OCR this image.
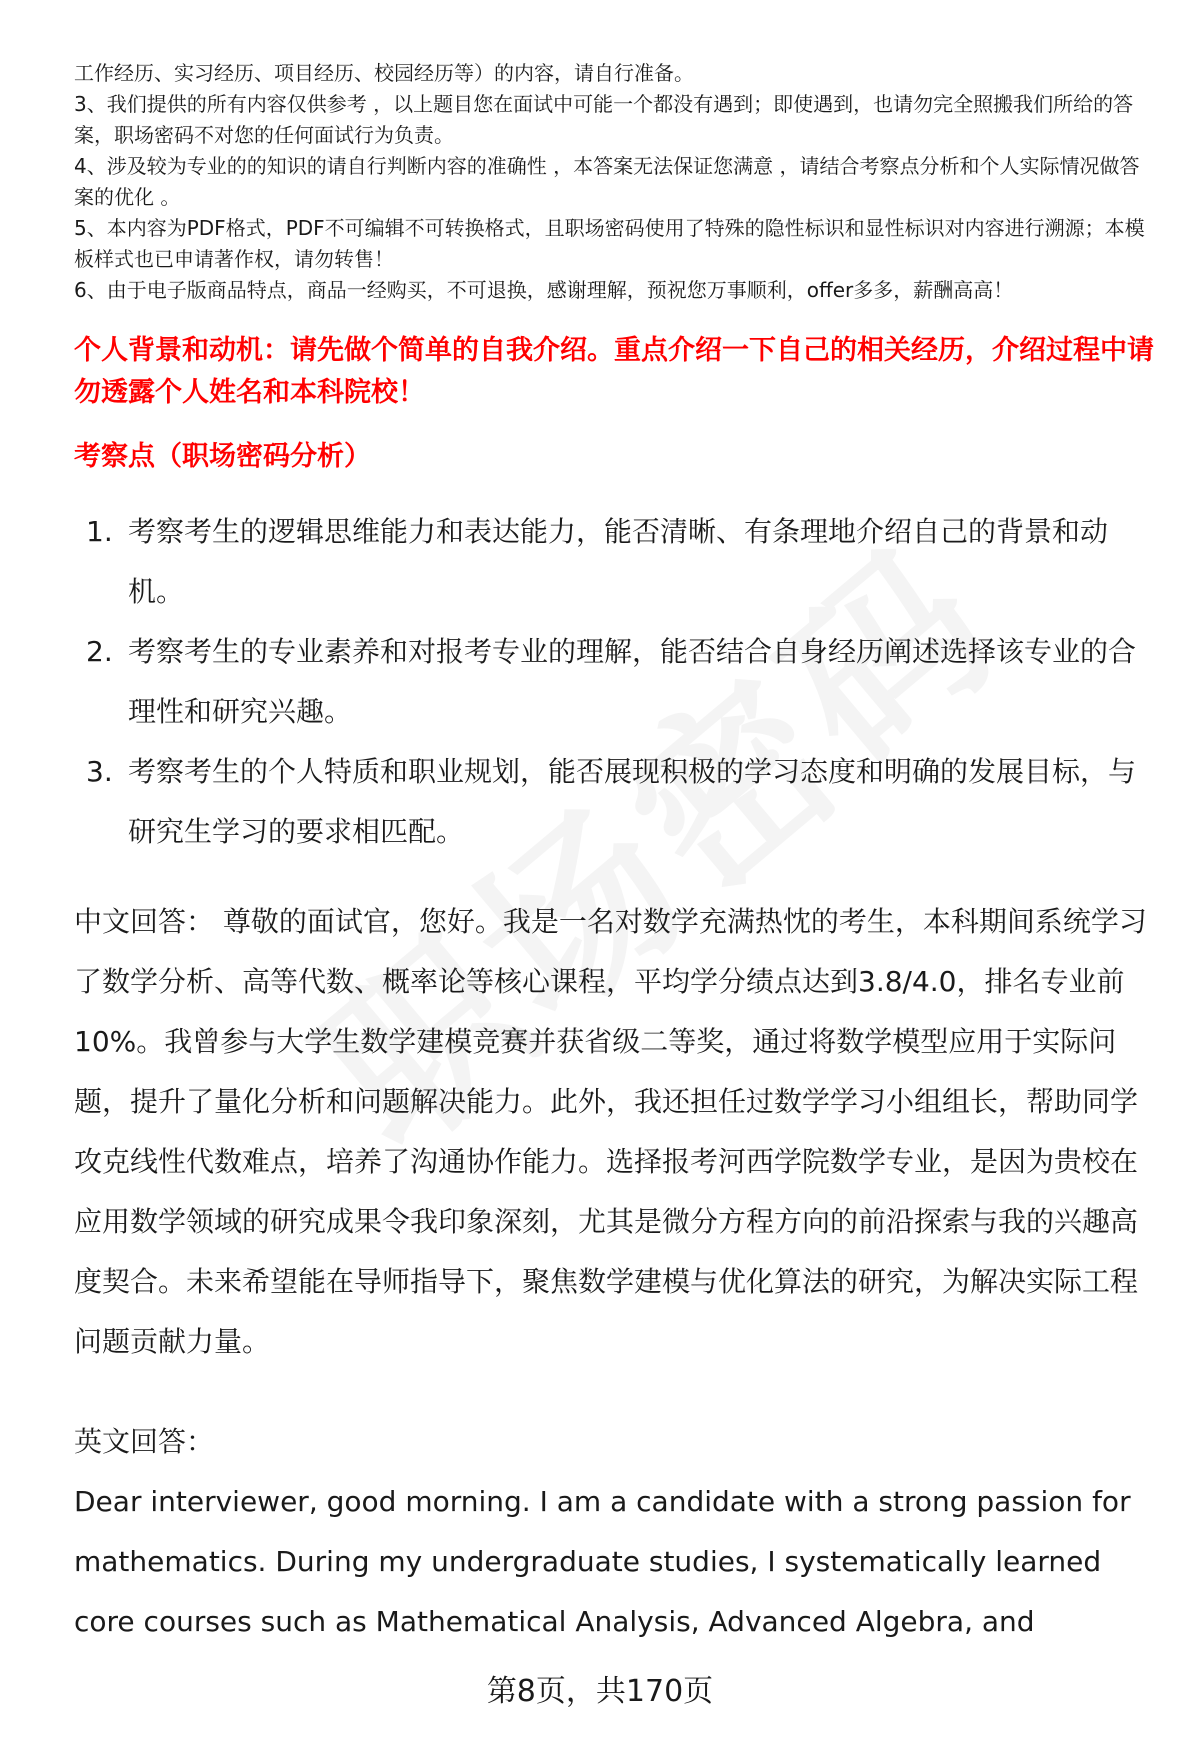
工作经历、实习经历、项目经历、校园经历等）的内容，请自行准备。

3、我们提供的所有内容仅供参考 ，以上题目您在面试中可能一个都没有遇到；即使遇到，也请勿完全照搬我们所给的答案，职场密码不对您的任何面试行为负责。

4、涉及较为专业的的知识的请自行判断内容的准确性 ，本答案无法保证您满意 ，请结合考察点分析和个人实际情况做答案的优化 。

5、本内容为PDF格式，PDF不可编辑不可转换格式，且职场密码使用了特殊的隐性标识和显性标识对内容进行溯源；本模板样式也已申请著作权，请勿转售！

6、由于电子版商品特点，商品一经购买，不可退换，感谢理解，预祝您万事顺利，offer多多，薪酬高高！

个人背景和动机：请先做个简单的自我介绍。重点介绍一下自己的相关经历，介绍过程中请勿透露个人姓名和本科院校！
考察点（职场密码分析）
1. 考察考生的逻辑思维能力和表达能力，能否清晰、有条理地介绍自己的背景和动机。
2. 考察考生的专业素养和对报考专业的理解，能否结合自身经历阐述选择该专业的合理性和研究兴趣。
3. 考察考生的个人特质和职业规划，能否展现积极的学习态度和明确的发展目标，与研究生学习的要求相匹配。

中文回答： 尊敬的面试官，您好。我是一名对数学充满热忱的考生，本科期间系统学习了数学分析、高等代数、概率论等核心课程，平均学分绩点达到3.8/4.0，排名专业前10%。我曾参与大学生数学建模竞赛并获省级二等奖，通过将数学模型应用于实际问题，提升了量化分析和问题解决能力。此外，我还担任过数学学习小组组长，帮助同学攻克线性代数难点，培养了沟通协作能力。选择报考河西学院数学专业，是因为贵校在应用数学领域的研究成果令我印象深刻，尤其是微分方程方向的前沿探索与我的兴趣高度契合。未来希望能在导师指导下，聚焦数学建模与优化算法的研究，为解决实际工程问题贡献力量。

英文回答：

Dear interviewer, good morning. I am a candidate with a strong passion for mathematics. During my undergraduate studies, I systematically learned core courses such as Mathematical Analysis, Advanced Algebra, and

第8页，共170页
